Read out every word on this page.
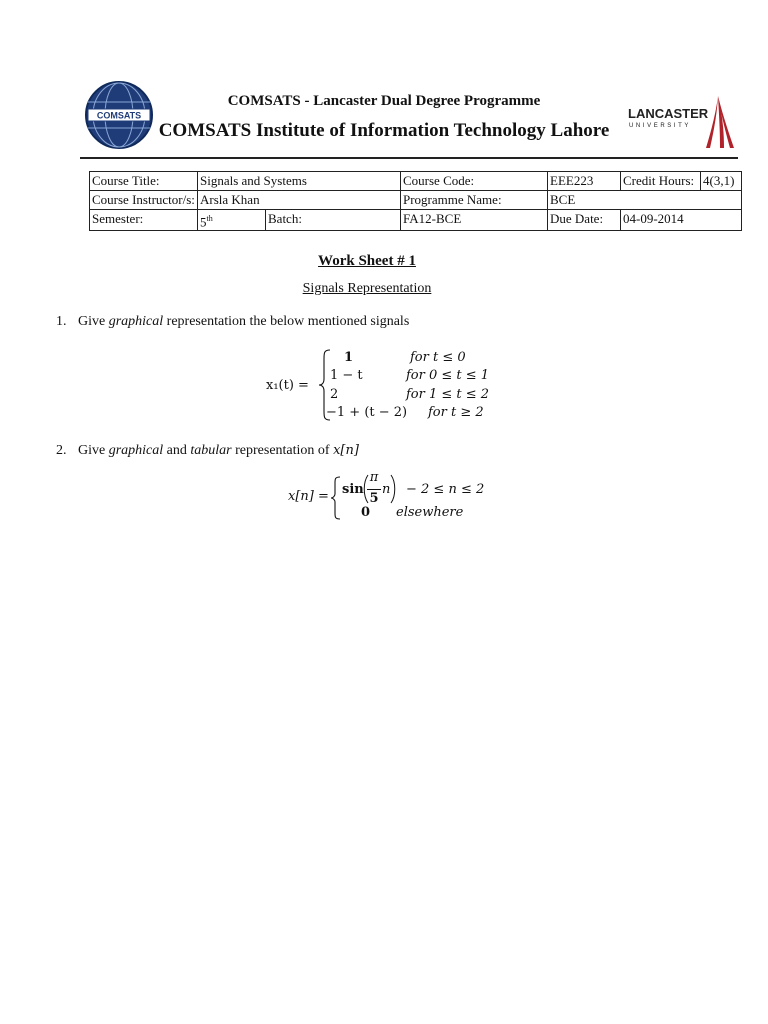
COMSATS	LANCASTER
UNIVERSITY
COMSATS - Lancaster Dual Degree Programme
COMSATS Institute of Information Technology Lahore
Course Title:	Signals and Systems		Course Code:	EEE223	Credit Hours:	4(3,1)
Course Instructor/s:	Arsla Khan		Programme Name:	BCE		
Semester:	5th	Batch:	FA12-BCE	Due Date:	04-09-2014	
Work Sheet # 1
Signals Representation
1. Give graphical representation the below mentioned signals
x₁(t) =
1	for t ≤ 0
1 − t	for 0 ≤ t ≤ 1
2	for 1 ≤ t ≤ 2
−1 + (t − 2) for t ≥ 2
2. Give graphical and tabular representation of x[n]
x[n] = sin
π
5
n − 2 ≤ n ≤ 2
0 elsewhere
